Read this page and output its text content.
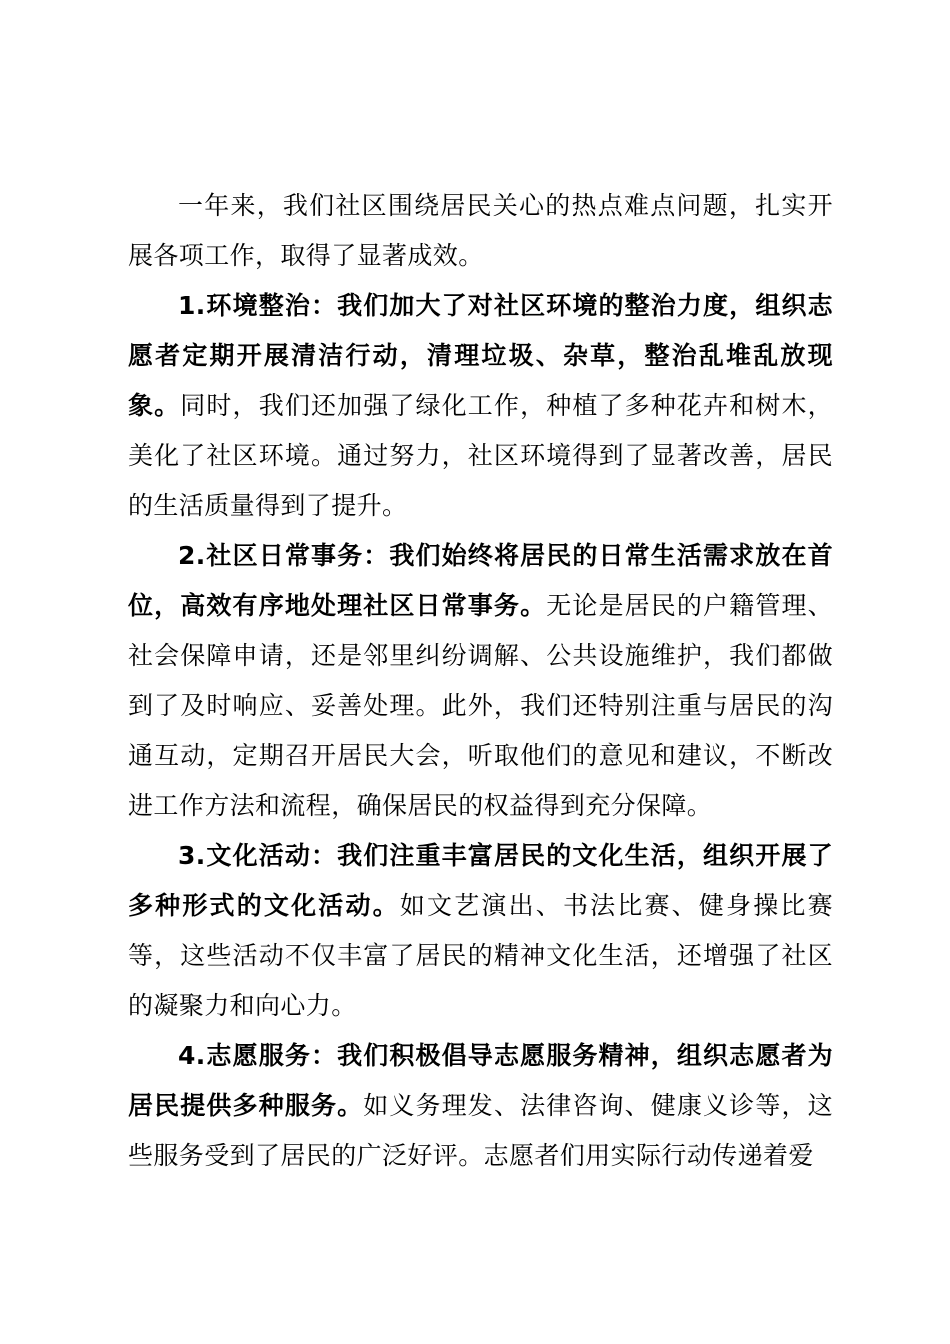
一年来，我们社区围绕居民关心的热点难点问题，扎实开展各项工作，取得了显著成效。

1.环境整治：我们加大了对社区环境的整治力度，组织志愿者定期开展清洁行动，清理垃圾、杂草，整治乱堆乱放现象。同时，我们还加强了绿化工作，种植了多种花卉和树木，美化了社区环境。通过努力，社区环境得到了显著改善，居民的生活质量得到了提升。

2.社区日常事务：我们始终将居民的日常生活需求放在首位，高效有序地处理社区日常事务。无论是居民的户籍管理、社会保障申请，还是邻里纠纷调解、公共设施维护，我们都做到了及时响应、妥善处理。此外，我们还特别注重与居民的沟通互动，定期召开居民大会，听取他们的意见和建议，不断改进工作方法和流程，确保居民的权益得到充分保障。

3.文化活动：我们注重丰富居民的文化生活，组织开展了多种形式的文化活动。如文艺演出、书法比赛、健身操比赛等，这些活动不仅丰富了居民的精神文化生活，还增强了社区的凝聚力和向心力。

4.志愿服务：我们积极倡导志愿服务精神，组织志愿者为居民提供多种服务。如义务理发、法律咨询、健康义诊等，这些服务受到了居民的广泛好评。志愿者们用实际行动传递着爱
